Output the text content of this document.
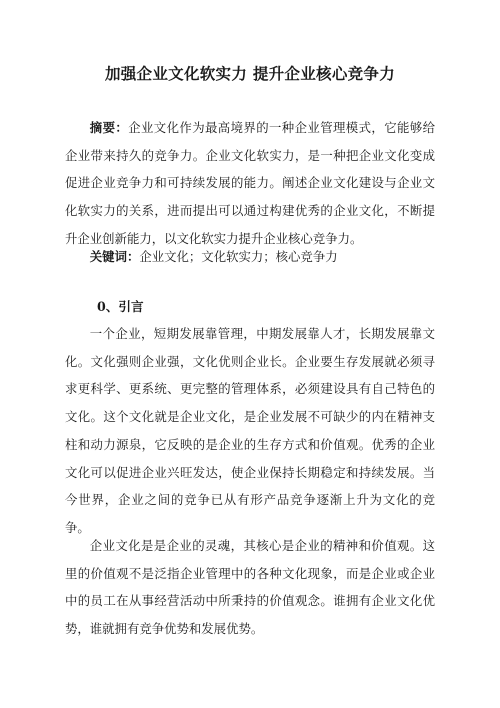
加强企业文化软实力 提升企业核心竞争力

摘要：企业文化作为最高境界的一种企业管理模式，它能够给企业带来持久的竞争力。企业文化软实力，是一种把企业文化变成促进企业竞争力和可持续发展的能力。阐述企业文化建设与企业文化软实力的关系，进而提出可以通过构建优秀的企业文化，不断提升企业创新能力，以文化软实力提升企业核心竞争力。

关键词：企业文化；文化软实力；核心竞争力

0、引言

一个企业，短期发展靠管理，中期发展靠人才，长期发展靠文化。文化强则企业强，文化优则企业长。企业要生存发展就必须寻求更科学、更系统、更完整的管理体系，必须建设具有自己特色的文化。这个文化就是企业文化，是企业发展不可缺少的内在精神支柱和动力源泉，它反映的是企业的生存方式和价值观。优秀的企业文化可以促进企业兴旺发达，使企业保持长期稳定和持续发展。当今世界，企业之间的竞争已从有形产品竞争逐渐上升为文化的竞争。

企业文化是是企业的灵魂，其核心是企业的精神和价值观。这里的价值观不是泛指企业管理中的各种文化现象，而是企业或企业中的员工在从事经营活动中所秉持的价值观念。谁拥有企业文化优势，谁就拥有竞争优势和发展优势。
